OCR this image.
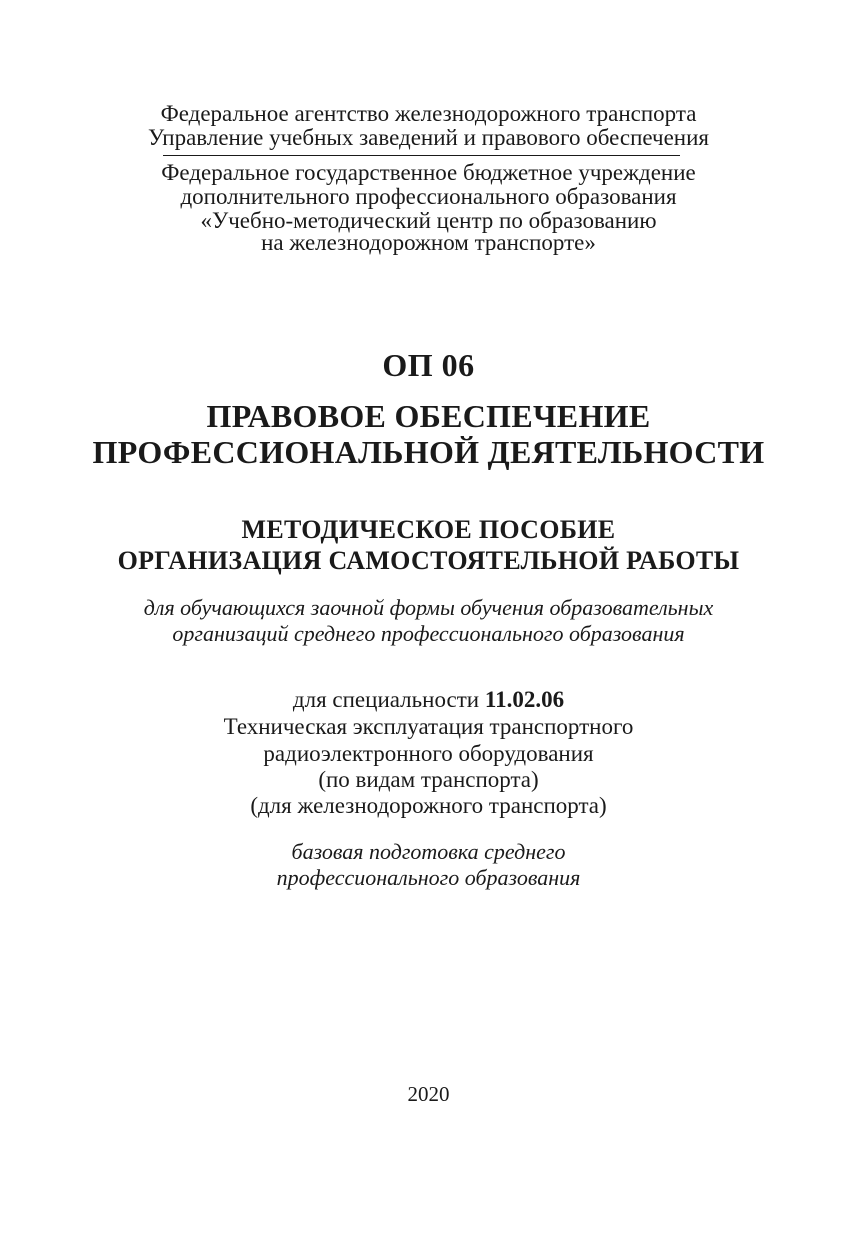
Федеральное агентство железнодорожного транспорта
Управление учебных заведений и правового обеспечения
Федеральное государственное бюджетное учреждение
дополнительного профессионального образования
«Учебно-методический центр по образованию
на железнодорожном транспорте»
ОП 06
ПРАВОВОЕ ОБЕСПЕЧЕНИЕ
ПРОФЕССИОНАЛЬНОЙ ДЕЯТЕЛЬНОСТИ
МЕТОДИЧЕСКОЕ ПОСОБИЕ
ОРГАНИЗАЦИЯ САМОСТОЯТЕЛЬНОЙ РАБОТЫ
для обучающихся заочной формы обучения образовательных
организаций среднего профессионального образования
для специальности 11.02.06
Техническая эксплуатация транспортного
радиоэлектронного оборудования
(по видам транспорта)
(для железнодорожного транспорта)
базовая подготовка среднего
профессионального образования
2020
